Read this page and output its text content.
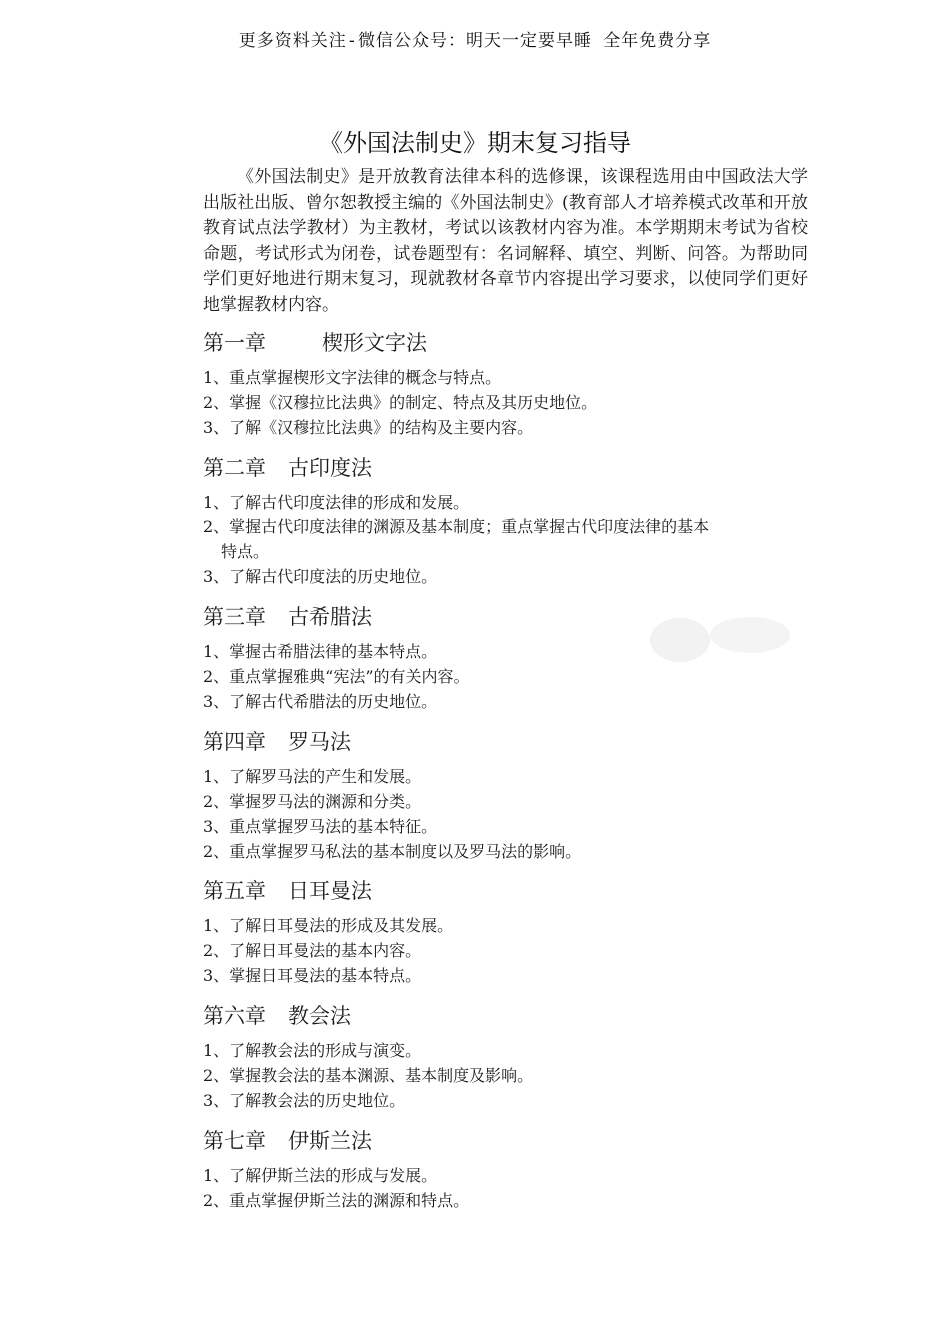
更多资料关注-微信公众号：明天一定要早睡 全年免费分享
《外国法制史》期末复习指导
《外国法制史》是开放教育法律本科的选修课，该课程选用由中国政法大学出版社出版、曾尔恕教授主编的《外国法制史》(教育部人才培养模式改革和开放教育试点法学教材）为主教材，考试以该教材内容为准。本学期期末考试为省校命题，考试形式为闭卷，试卷题型有：名词解释、填空、判断、问答。为帮助同学们更好地进行期末复习，现就教材各章节内容提出学习要求，以使同学们更好地掌握教材内容。
第一章	楔形文字法
1、重点掌握楔形文字法律的概念与特点。
2、掌握《汉穆拉比法典》的制定、特点及其历史地位。
3、了解《汉穆拉比法典》的结构及主要内容。
第二章 古印度法
1、了解古代印度法律的形成和发展。
2、掌握古代印度法律的渊源及基本制度；重点掌握古代印度法律的基本
特点。
3、了解古代印度法的历史地位。
第三章 古希腊法
1、掌握古希腊法律的基本特点。
2、重点掌握雅典“宪法”的有关内容。
3、了解古代希腊法的历史地位。
第四章 罗马法
1、了解罗马法的产生和发展。
2、掌握罗马法的渊源和分类。
3、重点掌握罗马法的基本特征。
2、重点掌握罗马私法的基本制度以及罗马法的影响。
第五章 日耳曼法
1、了解日耳曼法的形成及其发展。
2、了解日耳曼法的基本内容。
3、掌握日耳曼法的基本特点。
第六章 教会法
1、了解教会法的形成与演变。
2、掌握教会法的基本渊源、基本制度及影响。
3、了解教会法的历史地位。
第七章 伊斯兰法
1、了解伊斯兰法的形成与发展。
2、重点掌握伊斯兰法的渊源和特点。
